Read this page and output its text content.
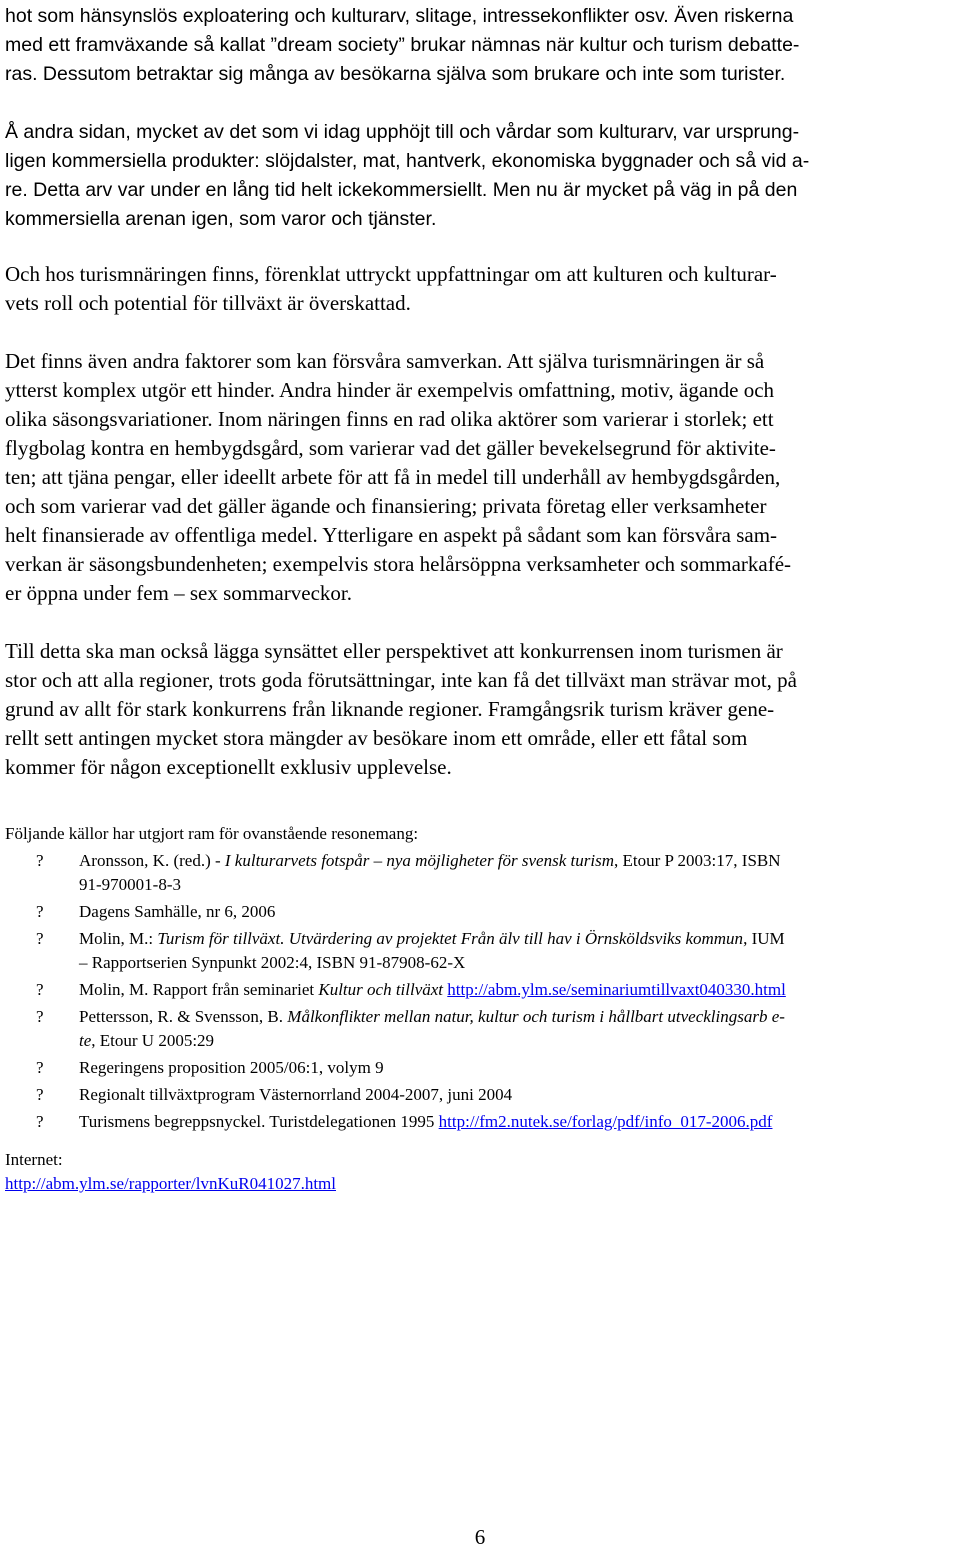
hot som hänsynslös exploatering och kulturarv, slitage, intressekonflikter osv. Även riskerna
med ett framväxande så kallat ”dream society” brukar nämnas när kultur och turism debatte-
ras. Dessutom betraktar sig många av besökarna själva som brukare och inte som turister.
Å andra sidan, mycket av det som vi idag upphöjt till och vårdar som kulturarv, var ursprung-
ligen kommersiella produkter: slöjdalster, mat, hantverk, ekonomiska byggnader och så vid a-
re. Detta arv var under en lång tid helt ickekommersiellt. Men nu är mycket på väg in på den
kommersiella arenan igen, som varor och tjänster.
Och hos turismnäringen finns, förenklat uttryckt uppfattningar om att kulturen och kulturar-
vets roll och potential för tillväxt är överskattad.
Det finns även andra faktorer som kan försvåra samverkan. Att själva turismnäringen är så
ytterst komplex utgör ett hinder. Andra hinder är exempelvis omfattning, motiv, ägande och
olika säsongsvariationer. Inom näringen finns en rad olika aktörer som varierar i storlek; ett
flygbolag kontra en hembygdsgård, som varierar vad det gäller bevekelsegrund för aktivite-
ten; att tjäna pengar, eller ideellt arbete för att få in medel till underhåll av hembygdsgården,
och som varierar vad det gäller ägande och finansiering; privata företag eller verksamheter
helt finansierade av offentliga medel. Ytterligare en aspekt på sådant som kan försvåra sam-
verkan är säsongsbundenheten; exempelvis stora helårsöppna verksamheter och sommarkafé-
er öppna under fem – sex sommarveckor.
Till detta ska man också lägga synsättet eller perspektivet att konkurrensen inom turismen är
stor och att alla regioner, trots goda förutsättningar, inte kan få det tillväxt man strävar mot, på
grund av allt för stark konkurrens från liknande regioner. Framgångsrik turism kräver gene-
rellt sett antingen mycket stora mängder av besökare inom ett område, eller ett fåtal som
kommer för någon exceptionellt exklusiv upplevelse.
Följande källor har utgjort ram för ovanstående resonemang:
? Aronsson, K. (red.) - I kulturarvets fotspår – nya möjligheter för svensk turism, Etour P 2003:17, ISBN
91-970001-8-3
? Dagens Samhälle, nr 6, 2006
? Molin, M.: Turism för tillväxt. Utvärdering av projektet Från älv till hav i Örnsköldsviks kommun, IUM
– Rapportserien Synpunkt 2002:4, ISBN 91-87908-62-X
? Molin, M. Rapport från seminariet Kultur och tillväxt http://abm.ylm.se/seminariumtillvaxt040330.html
? Pettersson, R. & Svensson, B. Målkonflikter mellan natur, kultur och turism i hållbart utvecklingsarb e-
te, Etour U 2005:29
? Regeringens proposition 2005/06:1, volym 9
? Regionalt tillväxtprogram Västernorrland 2004-2007, juni 2004
? Turismens begreppsnyckel. Turistdelegationen 1995 http://fm2.nutek.se/forlag/pdf/info_017-2006.pdf
Internet:
http://abm.ylm.se/rapporter/lvnKuR041027.html
6
